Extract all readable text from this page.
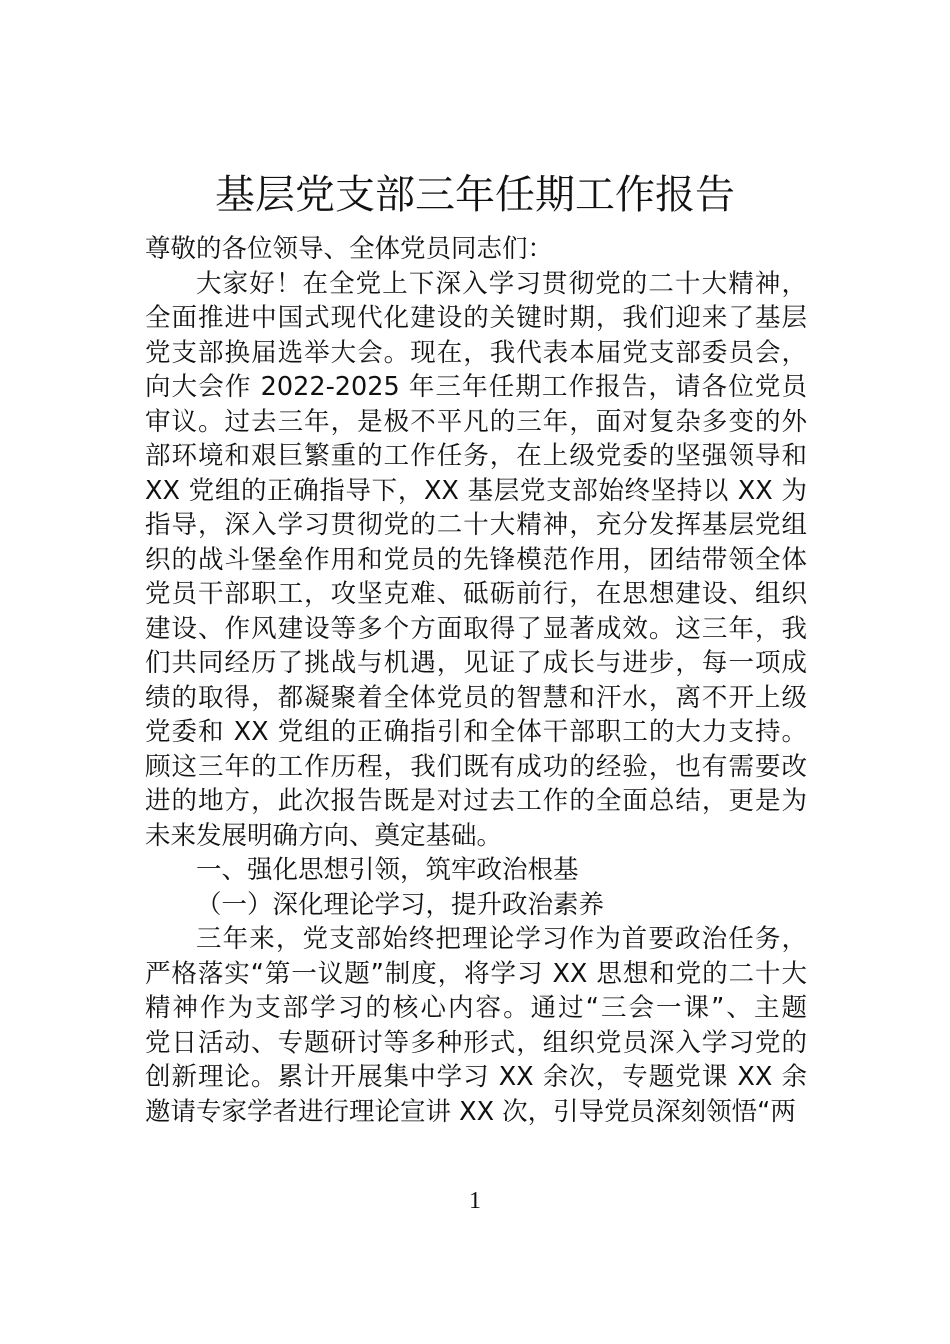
基层党支部三年任期工作报告
尊敬的各位领导、全体党员同志们：
大家好！在全党上下深入学习贯彻党的二十大精神，
全面推进中国式现代化建设的关键时期，我们迎来了基层
党支部换届选举大会。现在，我代表本届党支部委员会，
向大会作 2022-2025 年三年任期工作报告，请各位党员
审议。过去三年，是极不平凡的三年，面对复杂多变的外
部环境和艰巨繁重的工作任务，在上级党委的坚强领导和
XX 党组的正确指导下，XX 基层党支部始终坚持以 XX 为
指导，深入学习贯彻党的二十大精神，充分发挥基层党组
织的战斗堡垒作用和党员的先锋模范作用，团结带领全体
党员干部职工，攻坚克难、砥砺前行，在思想建设、组织
建设、作风建设等多个方面取得了显著成效。这三年，我
们共同经历了挑战与机遇，见证了成长与进步，每一项成
绩的取得，都凝聚着全体党员的智慧和汗水，离不开上级
党委和 XX 党组的正确指引和全体干部职工的大力支持。
顾这三年的工作历程，我们既有成功的经验，也有需要改
进的地方，此次报告既是对过去工作的全面总结，更是为
未来发展明确方向、奠定基础。
一、强化思想引领，筑牢政治根基
（一）深化理论学习，提升政治素养
三年来，党支部始终把理论学习作为首要政治任务，
严格落实“第一议题”制度，将学习 XX 思想和党的二十大
精神作为支部学习的核心内容。通过“三会一课”、主题
党日活动、专题研讨等多种形式，组织党员深入学习党的
创新理论。累计开展集中学习 XX 余次，专题党课 XX 余
邀请专家学者进行理论宣讲 XX 次，引导党员深刻领悟“两
1
